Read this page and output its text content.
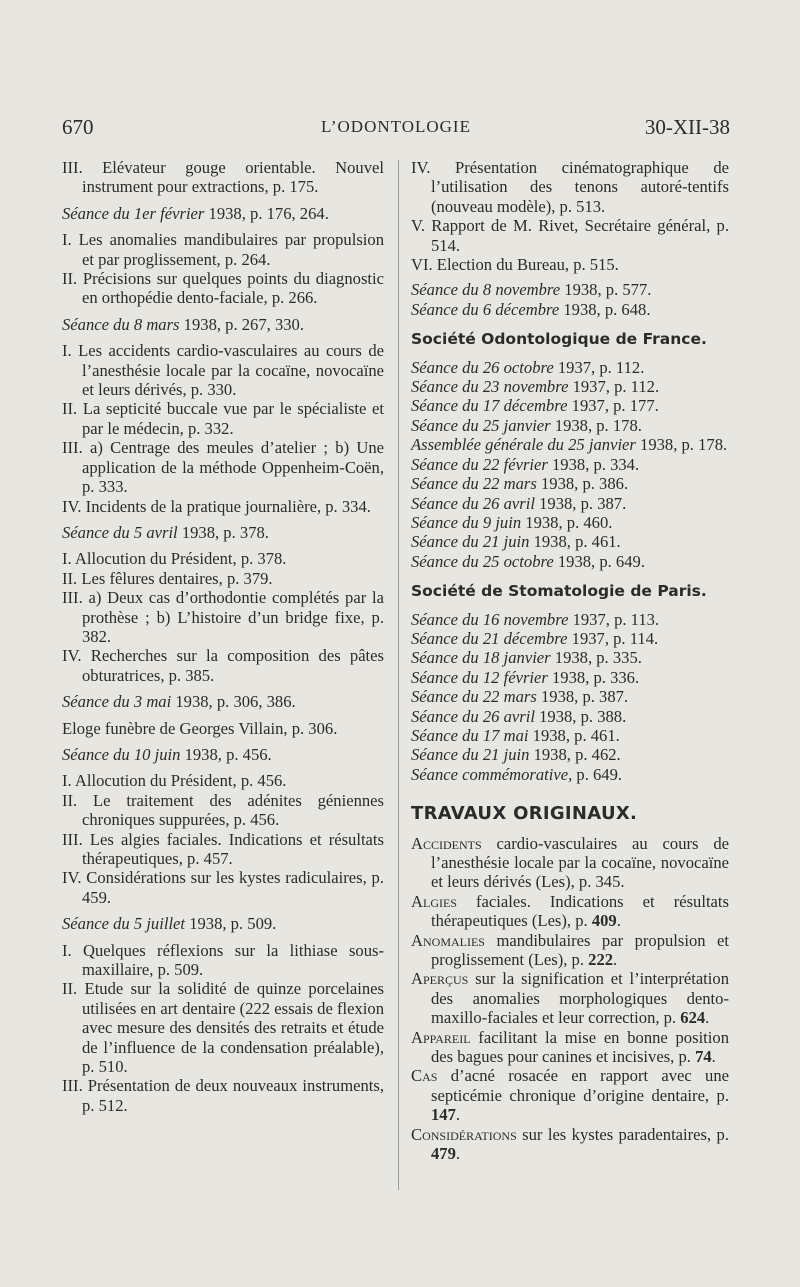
670	L’ODONTOLOGIE	30-XII-38

III. Elévateur gouge orientable. Nouvel instrument pour extractions, p. 175.

Séance du 1er février 1938, p. 176, 264.

I. Les anomalies mandibulaires par propulsion et par proglissement, p. 264.

II. Précisions sur quelques points du diagnostic en orthopédie dento-faciale, p. 266.

Séance du 8 mars 1938, p. 267, 330.

I. Les accidents cardio-vasculaires au cours de l’anesthésie locale par la cocaïne, novocaïne et leurs dérivés, p. 330.

II. La septicité buccale vue par le spécialiste et par le médecin, p. 332.

III. a) Centrage des meules d’atelier ; b) Une application de la méthode Oppenheim-Coën, p. 333.

IV. Incidents de la pratique journalière, p. 334.

Séance du 5 avril 1938, p. 378.

I. Allocution du Président, p. 378.

II. Les fêlures dentaires, p. 379.

III. a) Deux cas d’orthodontie complétés par la prothèse ; b) L’histoire d’un bridge fixe, p. 382.

IV. Recherches sur la composition des pâtes obturatrices, p. 385.

Séance du 3 mai 1938, p. 306, 386.

Eloge funèbre de Georges Villain, p. 306.

Séance du 10 juin 1938, p. 456.

I. Allocution du Président, p. 456.

II. Le traitement des adénites géniennes chroniques suppurées, p. 456.

III. Les algies faciales. Indications et résultats thérapeutiques, p. 457.

IV. Considérations sur les kystes radiculaires, p. 459.

Séance du 5 juillet 1938, p. 509.

I. Quelques réflexions sur la lithiase sous-maxillaire, p. 509.

II. Etude sur la solidité de quinze porcelaines utilisées en art dentaire (222 essais de flexion avec mesure des densités des retraits et étude de l’influence de la condensation préalable), p. 510.

III. Présentation de deux nouveaux instruments, p. 512.

IV. Présentation cinématographique de l’utilisation des tenons autoré-tentifs (nouveau modèle), p. 513.

V. Rapport de M. Rivet, Secrétaire général, p. 514.

VI. Election du Bureau, p. 515.

Séance du 8 novembre 1938, p. 577.
Séance du 6 décembre 1938, p. 648.
Société Odontologique de France.
Séance du 26 octobre 1937, p. 112.
Séance du 23 novembre 1937, p. 112.
Séance du 17 décembre 1937, p. 177.
Séance du 25 janvier 1938, p. 178.
Assemblée générale du 25 janvier 1938, p. 178.
Séance du 22 février 1938, p. 334.
Séance du 22 mars 1938, p. 386.
Séance du 26 avril 1938, p. 387.
Séance du 9 juin 1938, p. 460.
Séance du 21 juin 1938, p. 461.
Séance du 25 octobre 1938, p. 649.
Société de Stomatologie de Paris.
Séance du 16 novembre 1937, p. 113.
Séance du 21 décembre 1937, p. 114.
Séance du 18 janvier 1938, p. 335.
Séance du 12 février 1938, p. 336.
Séance du 22 mars 1938, p. 387.
Séance du 26 avril 1938, p. 388.
Séance du 17 mai 1938, p. 461.
Séance du 21 juin 1938, p. 462.
Séance commémorative, p. 649.
TRAVAUX ORIGINAUX.

Accidents cardio-vasculaires au cours de l’anesthésie locale par la cocaïne, novocaïne et leurs dérivés (Les), p. 345.

Algies faciales. Indications et résultats thérapeutiques (Les), p. 409.

Anomalies mandibulaires par propulsion et proglissement (Les), p. 222.

Aperçus sur la signification et l’interprétation des anomalies morphologiques dento-maxillo-faciales et leur correction, p. 624.

Appareil facilitant la mise en bonne position des bagues pour canines et incisives, p. 74.

Cas d’acné rosacée en rapport avec une septicémie chronique d’origine dentaire, p. 147.

Considérations sur les kystes paradentaires, p. 479.
